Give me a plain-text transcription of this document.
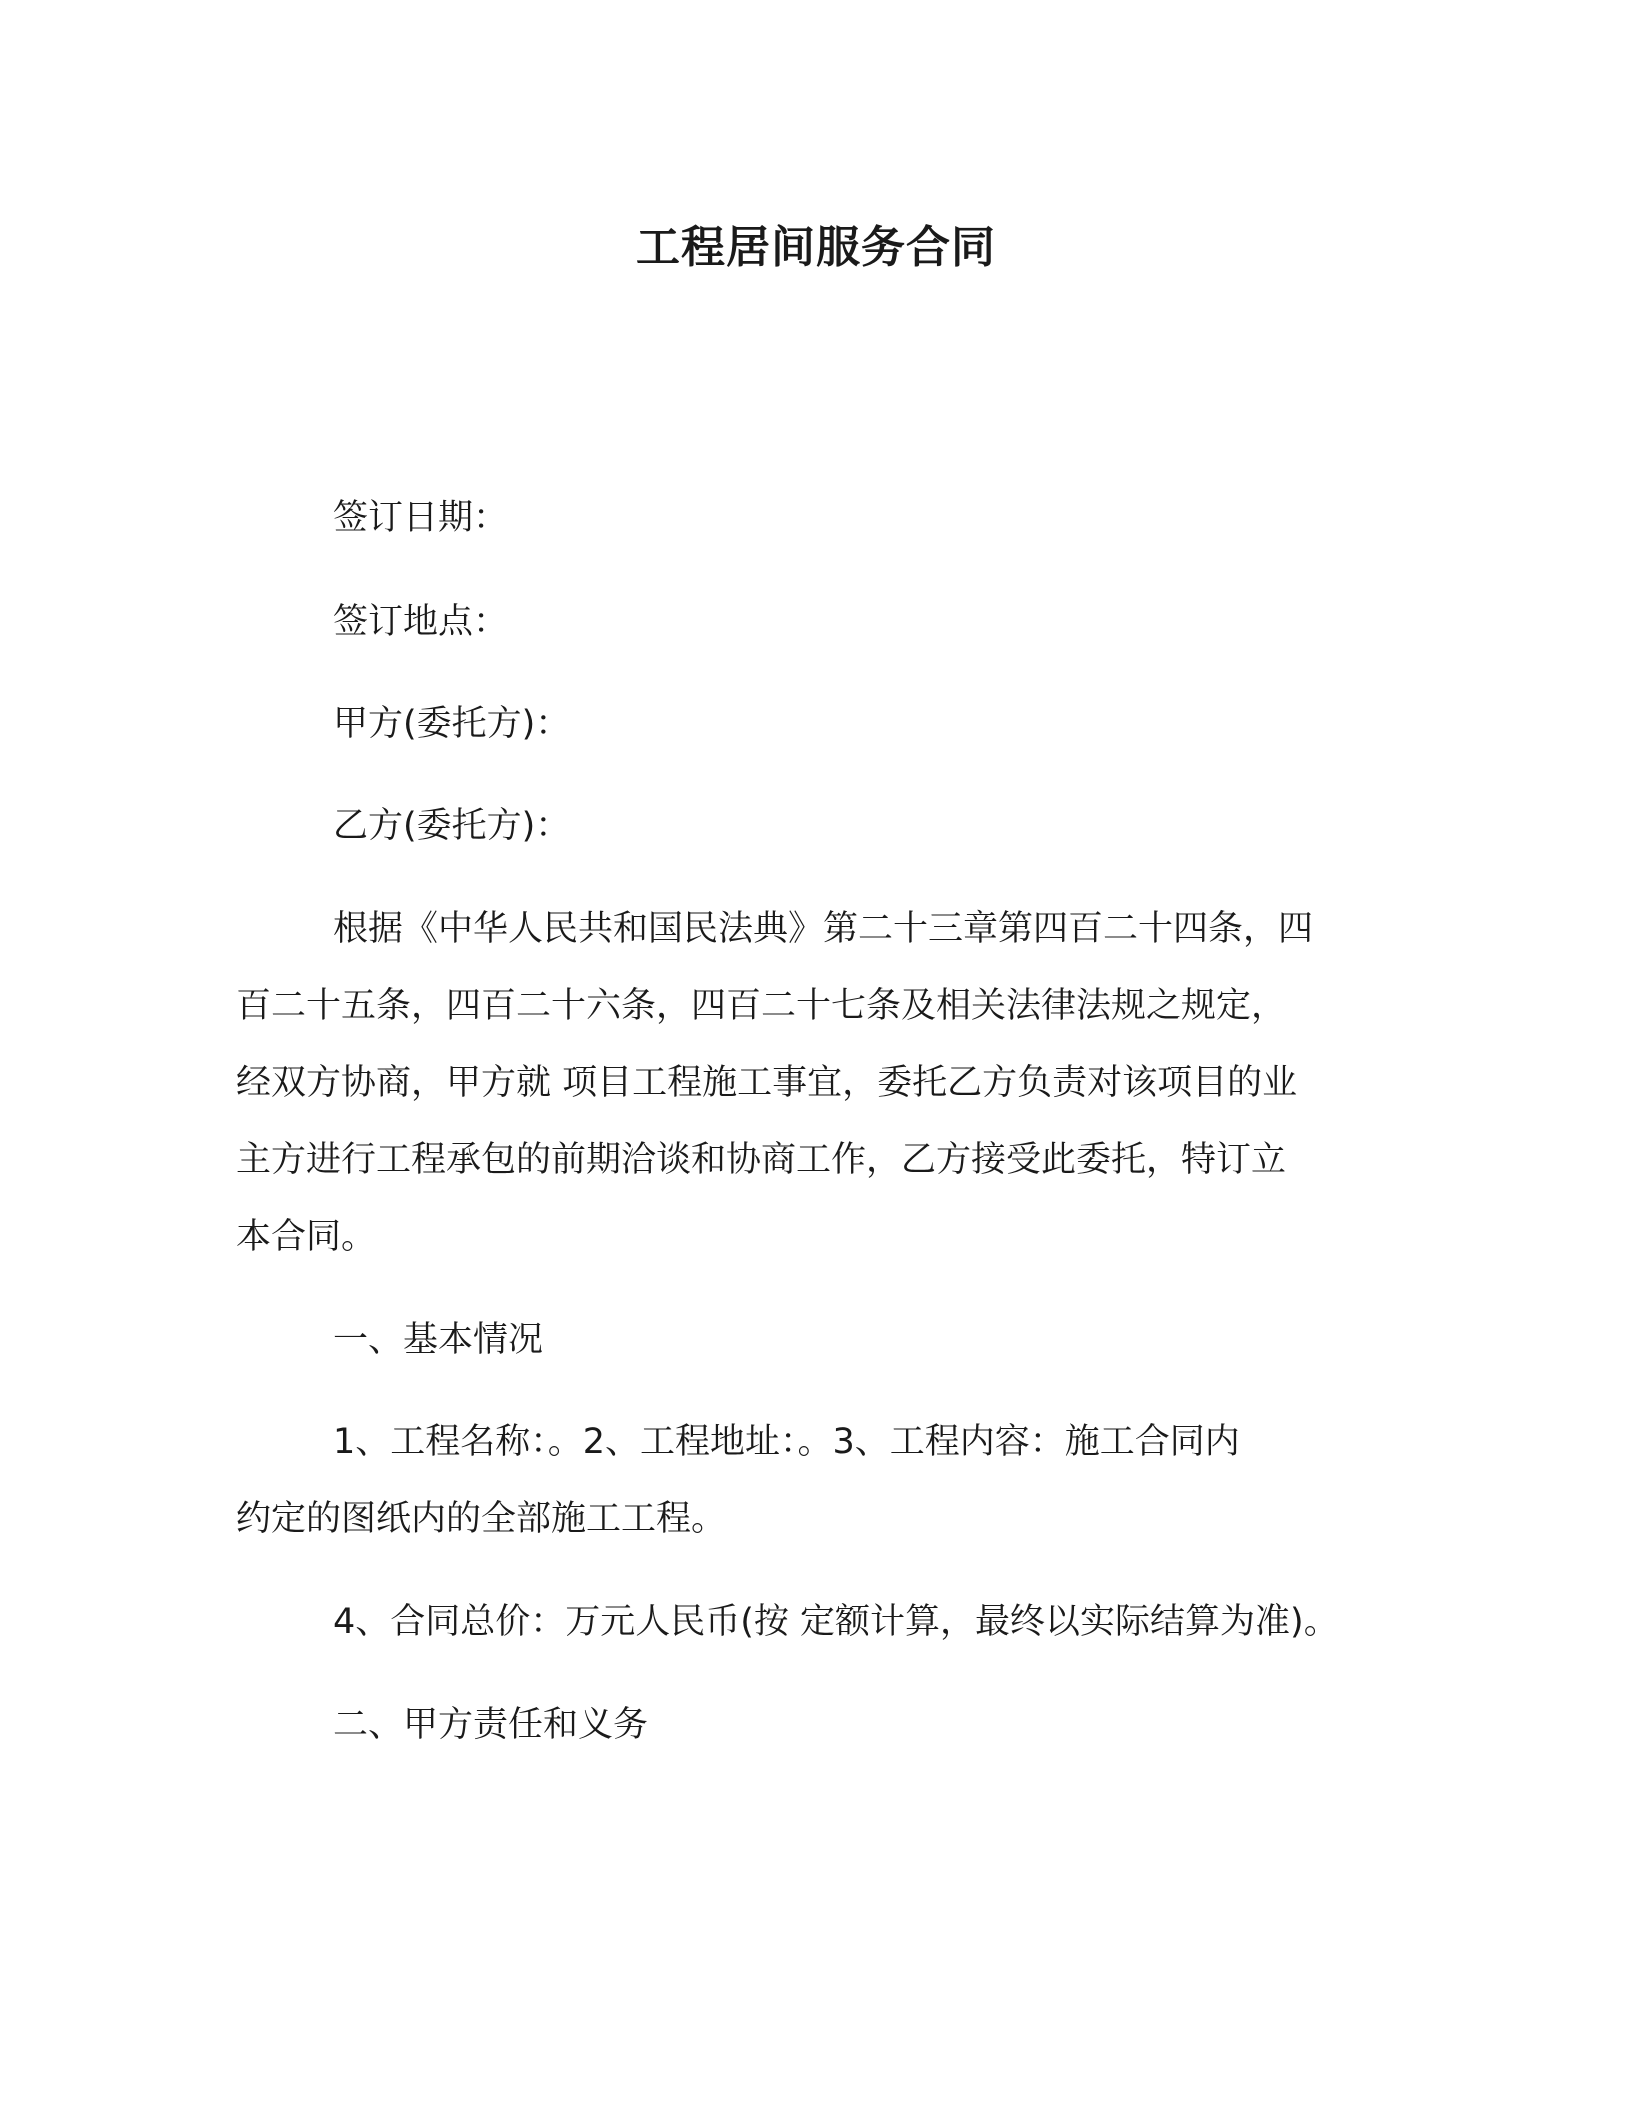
工程居间服务合同
签订日期：
签订地点：
甲方(委托方)：
乙方(委托方)：
根据《中华人民共和国民法典》第二十三章第四百二十四条，四
百二十五条，四百二十六条，四百二十七条及相关法律法规之规定，
经双方协商，甲方就 项目工程施工事宜，委托乙方负责对该项目的业
主方进行工程承包的前期洽谈和协商工作，乙方接受此委托，特订立
本合同。
一、基本情况
1、工程名称：。2、工程地址：。3、工程内容：施工合同内
约定的图纸内的全部施工工程。
4、合同总价：万元人民币(按 定额计算，最终以实际结算为准)。
二、甲方责任和义务
